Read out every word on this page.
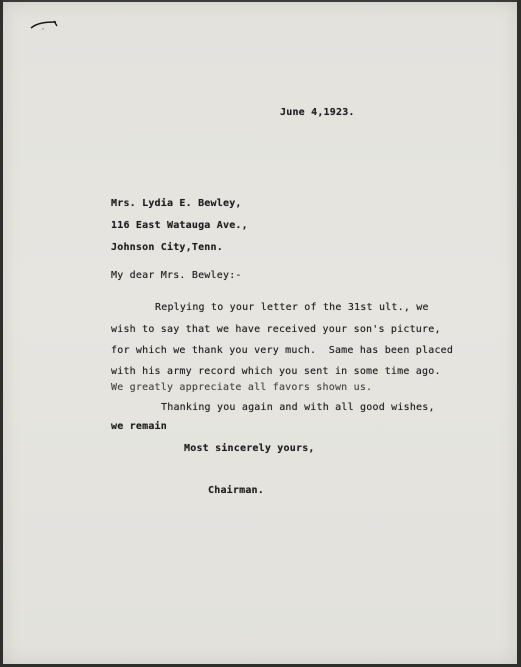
June 4,1923.
Mrs. Lydia E. Bewley,
116 East Watauga Ave.,
Johnson City,Tenn.
My dear Mrs. Bewley:-
Replying to your letter of the 31st ult., we
wish to say that we have received your son's picture,
for which we thank you very much.  Same has been placed
with his army record which you sent in some time ago.
We greatly appreciate all favors shown us.
Thanking you again and with all good wishes,
we remain
Most sincerely yours,
Chairman.
